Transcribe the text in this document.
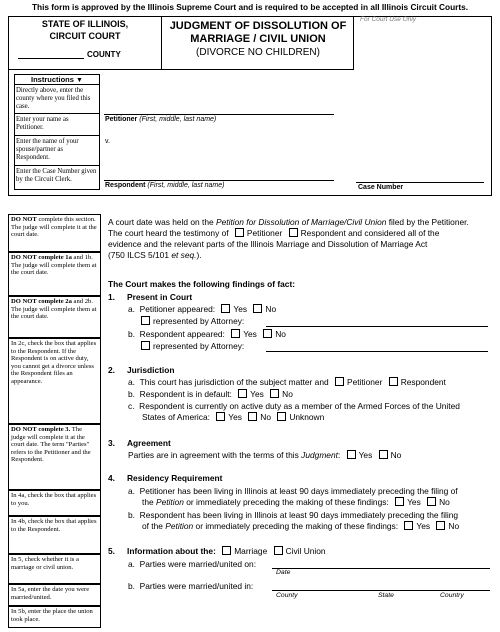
This form is approved by the Illinois Supreme Court and is required to be accepted in all Illinois Circuit Courts.
STATE OF ILLINOIS,
CIRCUIT COURT
COUNTY
JUDGMENT OF DISSOLUTION OF
MARRIAGE / CIVIL UNION
(DIVORCE NO CHILDREN)
For Court Use Only
Instructions ▼
Directly above, enter the county where you filed this case.
Enter your name as Petitioner.
Enter the name of your spouse/partner as Respondent.
Enter the Case Number given by the Circuit Clerk.
Petitioner (First, middle, last name)
v.
Respondent (First, middle, last name)	Case Number
DO NOT complete this section. The judge will complete it at the court date.
DO NOT complete 1a and 1b. The judge will complete them at the court date.
DO NOT complete 2a and 2b. The judge will complete them at the court date.
In 2c, check the box that applies to the Respondent. If the Respondent is on active duty, you cannot get a divorce unless the Respondent files an appearance.
DO NOT complete 3. The judge will complete it at the court date. The term "Parties" refers to the Petitioner and the Respondent.
In 4a, check the box that applies to you.
In 4b, check the box that applies to the Respondent.
In 5, check whether it is a marriage or civil union.
In 5a, enter the date you were married/united.
In 5b, enter the place the union took place.
A court date was held on the Petition for Dissolution of Marriage/Civil Union filed by the Petitioner.
The court heard the testimony of Petitioner Respondent and considered all of the
evidence and the relevant parts of the Illinois Marriage and Dissolution of Marriage Act
(750 ILCS 5/101 et seq.).
The Court makes the following findings of fact:
1. Present in Court
a. Petitioner appeared: Yes No
represented by Attorney:
b. Respondent appeared: Yes No
represented by Attorney:
2. Jurisdiction
a. This court has jurisdiction of the subject matter and Petitioner Respondent
b. Respondent is in default: Yes No
c. Respondent is currently on active duty as a member of the Armed Forces of the United
States of America: Yes No Unknown
3. Agreement
Parties are in agreement with the terms of this Judgment: Yes No
4. Residency Requirement
a. Petitioner has been living in Illinois at least 90 days immediately preceding the filing of
the Petition or immediately preceding the making of these findings: Yes No
b. Respondent has been living in Illinois at least 90 days immediately preceding the filing
of the Petition or immediately preceding the making of these findings: Yes No
5. Information about the: Marriage Civil Union
a. Parties were married/united on:
Date
b. Parties were married/united in:
County	State	Country
